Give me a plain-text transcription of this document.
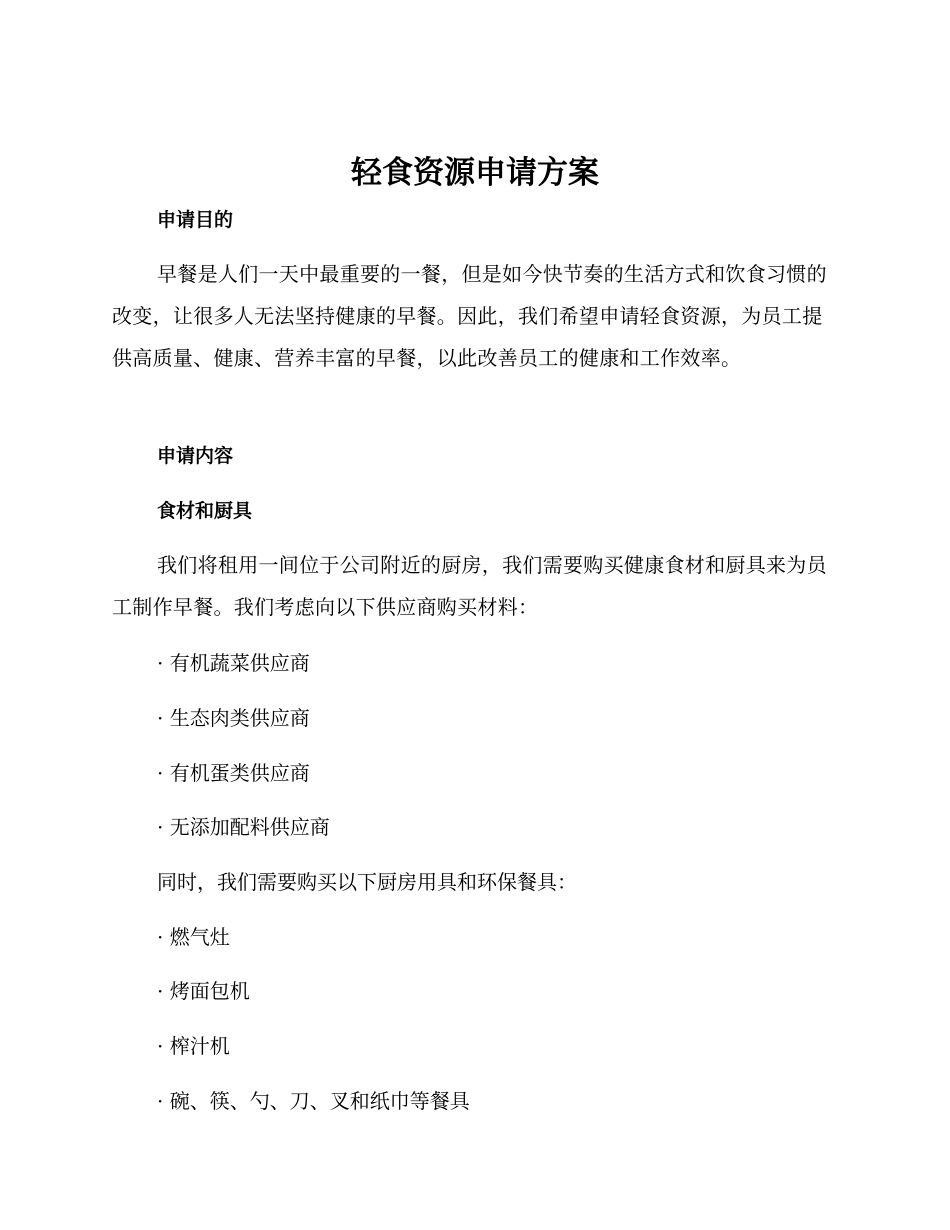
轻食资源申请方案
申请目的
早餐是人们一天中最重要的一餐，但是如今快节奏的生活方式和饮食习惯的改变，让很多人无法坚持健康的早餐。因此，我们希望申请轻食资源，为员工提供高质量、健康、营养丰富的早餐，以此改善员工的健康和工作效率。
申请内容
食材和厨具
我们将租用一间位于公司附近的厨房，我们需要购买健康食材和厨具来为员工制作早餐。我们考虑向以下供应商购买材料：
· 有机蔬菜供应商
· 生态肉类供应商
· 有机蛋类供应商
· 无添加配料供应商
同时，我们需要购买以下厨房用具和环保餐具：
· 燃气灶
· 烤面包机
· 榨汁机
· 碗、筷、勺、刀、叉和纸巾等餐具
